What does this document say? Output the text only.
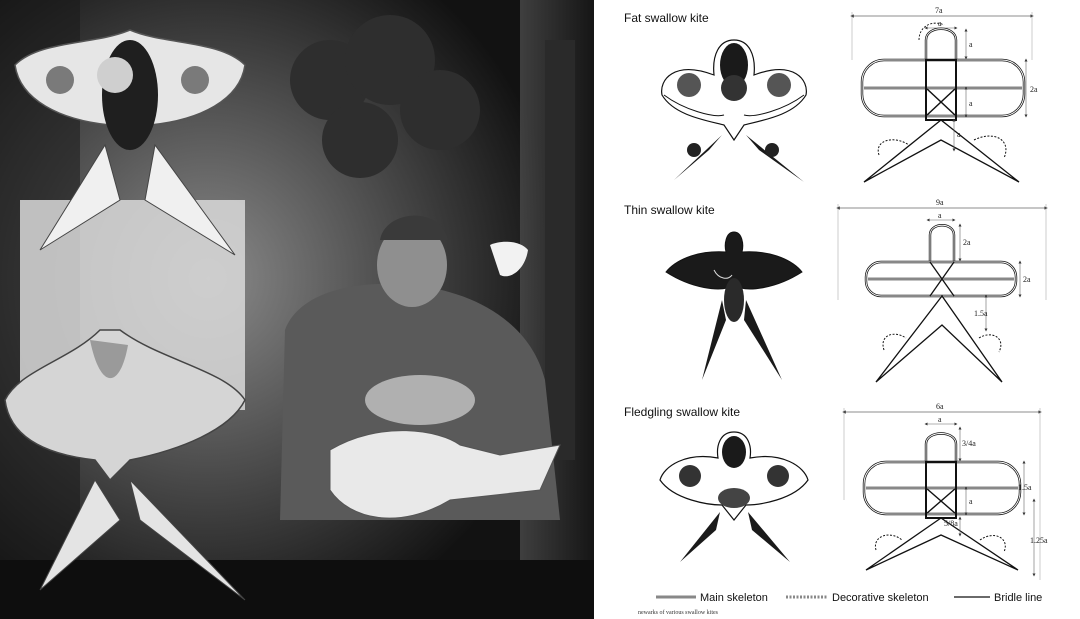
Fat swallow kite
7a
a
a
2a
a
a
Thin swallow kite
9a
a
2a
2a
1.5a
Fledgling swallow kite	6a
a
3/4a
1.5a
a
5/8a
1.25a
Main skeleton	Decorative skeleton	Bridle line
newarks of various swallow kites
